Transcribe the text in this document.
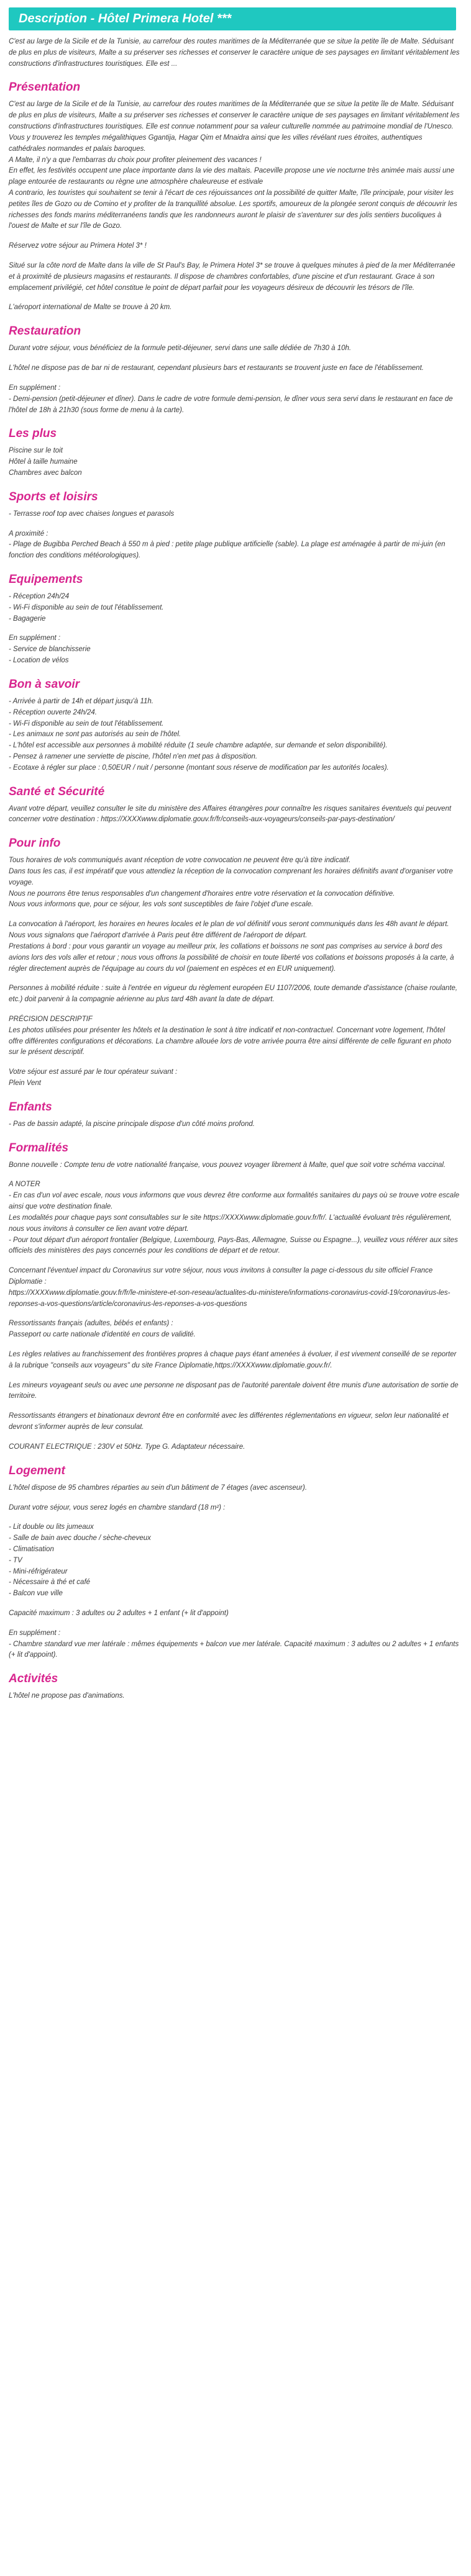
Description - Hôtel Primera Hotel ***

C'est au large de la Sicile et de la Tunisie, au carrefour des routes maritimes de la Méditerranée que se situe la petite île de Malte. Séduisant de plus en plus de visiteurs, Malte a su préserver ses richesses et conserver le caractère unique de ses paysages en limitant véritablement les constructions d'infrastructures touristiques. Elle est ...

Présentation

C'est au large de la Sicile et de la Tunisie, au carrefour des routes maritimes de la Méditerranée que se situe la petite île de Malte. Séduisant de plus en plus de visiteurs, Malte a su préserver ses richesses et conserver le caractère unique de ses paysages en limitant véritablement les constructions d'infrastructures touristiques. Elle est connue notamment pour sa valeur culturelle nommée au patrimoine mondial de l'Unesco. Vous y trouverez les temples mégalithiques Ggantija, Hagar Qim et Mnaidra ainsi que les villes révélant rues étroites, authentiques cathédrales normandes et palais baroques.
A Malte, il n'y a que l'embarras du choix pour profiter pleinement des vacances !
En effet, les festivités occupent une place importante dans la vie des maltais. Paceville propose une vie nocturne très animée mais aussi une plage entourée de restaurants ou règne une atmosphère chaleureuse et estivale
A contrario, les touristes qui souhaitent se tenir à l'écart de ces réjouissances ont la possibilité de quitter Malte, l'île principale, pour visiter les petites îles de Gozo ou de Comino et y profiter de la tranquillité absolue. Les sportifs, amoureux de la plongée seront conquis de découvrir les richesses des fonds marins méditerranéens tandis que les randonneurs auront le plaisir de s'aventurer sur des jolis sentiers bucoliques à l'ouest de Malte et sur l'île de Gozo.

Réservez votre séjour au Primera Hotel 3* !

Situé sur la côte nord de Malte dans la ville de St Paul's Bay, le Primera Hotel 3* se trouve à quelques minutes à pied de la mer Méditerranée et à proximité de plusieurs magasins et restaurants. Il dispose de chambres confortables, d'une piscine et d'un restaurant. Grace à son emplacement privilégié, cet hôtel constitue le point de départ parfait pour les voyageurs désireux de découvrir les trésors de l'île.

L'aéroport international de Malte se trouve à 20 km.

Restauration

Durant votre séjour, vous bénéficiez de la formule petit-déjeuner, servi dans une salle dédiée de 7h30 à 10h.

L'hôtel ne dispose pas de bar ni de restaurant, cependant plusieurs bars et restaurants se trouvent juste en face de l'établissement.

En supplément :
- Demi-pension (petit-déjeuner et dîner). Dans le cadre de votre formule demi-pension, le dîner vous sera servi dans le restaurant en face de l'hôtel de 18h à 21h30 (sous forme de menu à la carte).

Les plus

Piscine sur le toit
Hôtel à taille humaine
Chambres avec balcon

Sports et loisirs

- Terrasse roof top avec chaises longues et parasols

A proximité :
- Plage de Bugibba Perched Beach à 550 m à pied : petite plage publique artificielle (sable). La plage est aménagée à partir de mi-juin (en fonction des conditions météorologiques).

Equipements

- Réception 24h/24
- Wi-Fi disponible au sein de tout l'établissement.
- Bagagerie

En supplément :
- Service de blanchisserie
- Location de vélos

Bon à savoir

- Arrivée à partir de 14h et départ jusqu'à 11h.
- Réception ouverte 24h/24.
- Wi-Fi disponible au sein de tout l'établissement.
- Les animaux ne sont pas autorisés au sein de l'hôtel.
- L'hôtel est accessible aux personnes à mobilité réduite (1 seule chambre adaptée, sur demande et selon disponibilité).
- Pensez à ramener une serviette de piscine, l'hôtel n'en met pas à disposition.
- Ecotaxe à régler sur place : 0,50EUR / nuit / personne (montant sous réserve de modification par les autorités locales).

Santé et Sécurité

Avant votre départ, veuillez consulter le site du ministère des Affaires étrangères pour connaître les risques sanitaires éventuels qui peuvent concerner votre destination : https://XXXXwww.diplomatie.gouv.fr/fr/conseils-aux-voyageurs/conseils-par-pays-destination/

Pour info

Tous horaires de vols communiqués avant réception de votre convocation ne peuvent être qu'à titre indicatif.
Dans tous les cas, il est impératif que vous attendiez la réception de la convocation comprenant les horaires définitifs avant d'organiser votre voyage.
Nous ne pourrons être tenus responsables d'un changement d'horaires entre votre réservation et la convocation définitive.
Nous vous informons que, pour ce séjour, les vols sont susceptibles de faire l'objet d'une escale.

La convocation à l'aéroport, les horaires en heures locales et le plan de vol définitif vous seront communiqués dans les 48h avant le départ.
Nous vous signalons que l'aéroport d'arrivée à Paris peut être différent de l'aéroport de départ.
Prestations à bord : pour vous garantir un voyage au meilleur prix, les collations et boissons ne sont pas comprises au service à bord des avions lors des vols aller et retour ; nous vous offrons la possibilité de choisir en toute liberté vos collations et boissons proposés à la carte, à régler directement auprès de l'équipage au cours du vol (paiement en espèces et en EUR uniquement).

Personnes à mobilité réduite : suite à l'entrée en vigueur du règlement européen EU 1107/2006, toute demande d'assistance (chaise roulante, etc.) doit parvenir à la compagnie aérienne au plus tard 48h avant la date de départ.

PRÉCISION DESCRIPTIF
Les photos utilisées pour présenter les hôtels et la destination le sont à titre indicatif et non-contractuel. Concernant votre logement, l'hôtel offre différentes configurations et décorations. La chambre allouée lors de votre arrivée pourra être ainsi différente de celle figurant en photo sur le présent descriptif.

Votre séjour est assuré par le tour opérateur suivant :
Plein Vent

Enfants

- Pas de bassin adapté, la piscine principale dispose d'un côté moins profond.

Formalités

Bonne nouvelle : Compte tenu de votre nationalité française, vous pouvez voyager librement à Malte, quel que soit votre schéma vaccinal.

A NOTER
- En cas d'un vol avec escale, nous vous informons que vous devrez être conforme aux formalités sanitaires du pays où se trouve votre escale ainsi que votre destination finale.
Les modalités pour chaque pays sont consultables sur le site https://XXXXwww.diplomatie.gouv.fr/fr/. L'actualité évoluant très régulièrement, nous vous invitons à consulter ce lien avant votre départ.
- Pour tout départ d'un aéroport frontalier (Belgique, Luxembourg, Pays-Bas, Allemagne, Suisse ou Espagne...), veuillez vous référer aux sites officiels des ministères des pays concernés pour les conditions de départ et de retour.

Concernant l'éventuel impact du Coronavirus sur votre séjour, nous vous invitons à consulter la page ci-dessous du site officiel France Diplomatie :
https://XXXXwww.diplomatie.gouv.fr/fr/le-ministere-et-son-reseau/actualites-du-ministere/informations-coronavirus-covid-19/coronavirus-les-reponses-a-vos-questions/article/coronavirus-les-reponses-a-vos-questions

Ressortissants français (adultes, bébés et enfants) :
Passeport ou carte nationale d'identité en cours de validité.

Les règles relatives au franchissement des frontières propres à chaque pays étant amenées à évoluer, il est vivement conseillé de se reporter à la rubrique "conseils aux voyageurs" du site France Diplomatie,https://XXXXwww.diplomatie.gouv.fr/.

Les mineurs voyageant seuls ou avec une personne ne disposant pas de l'autorité parentale doivent être munis d'une autorisation de sortie de territoire.

Ressortissants étrangers et binationaux devront être en conformité avec les différentes réglementations en vigueur, selon leur nationalité et devront s'informer auprès de leur consulat.

COURANT ELECTRIQUE : 230V et 50Hz. Type G. Adaptateur nécessaire.

Logement

L'hôtel dispose de 95 chambres réparties au sein d'un bâtiment de 7 étages (avec ascenseur).

Durant votre séjour, vous serez logés en chambre standard (18 m²) :

- Lit double ou lits jumeaux
- Salle de bain avec douche / sèche-cheveux
- Climatisation
- TV
- Mini-réfrigérateur
- Nécessaire à thé et café
- Balcon vue ville

Capacité maximum : 3 adultes ou 2 adultes + 1 enfant (+ lit d'appoint)

En supplément :
- Chambre standard vue mer latérale : mêmes équipements + balcon vue mer latérale. Capacité maximum : 3 adultes ou 2 adultes + 1 enfants (+ lit d'appoint).

Activités

L'hôtel ne propose pas d'animations.
